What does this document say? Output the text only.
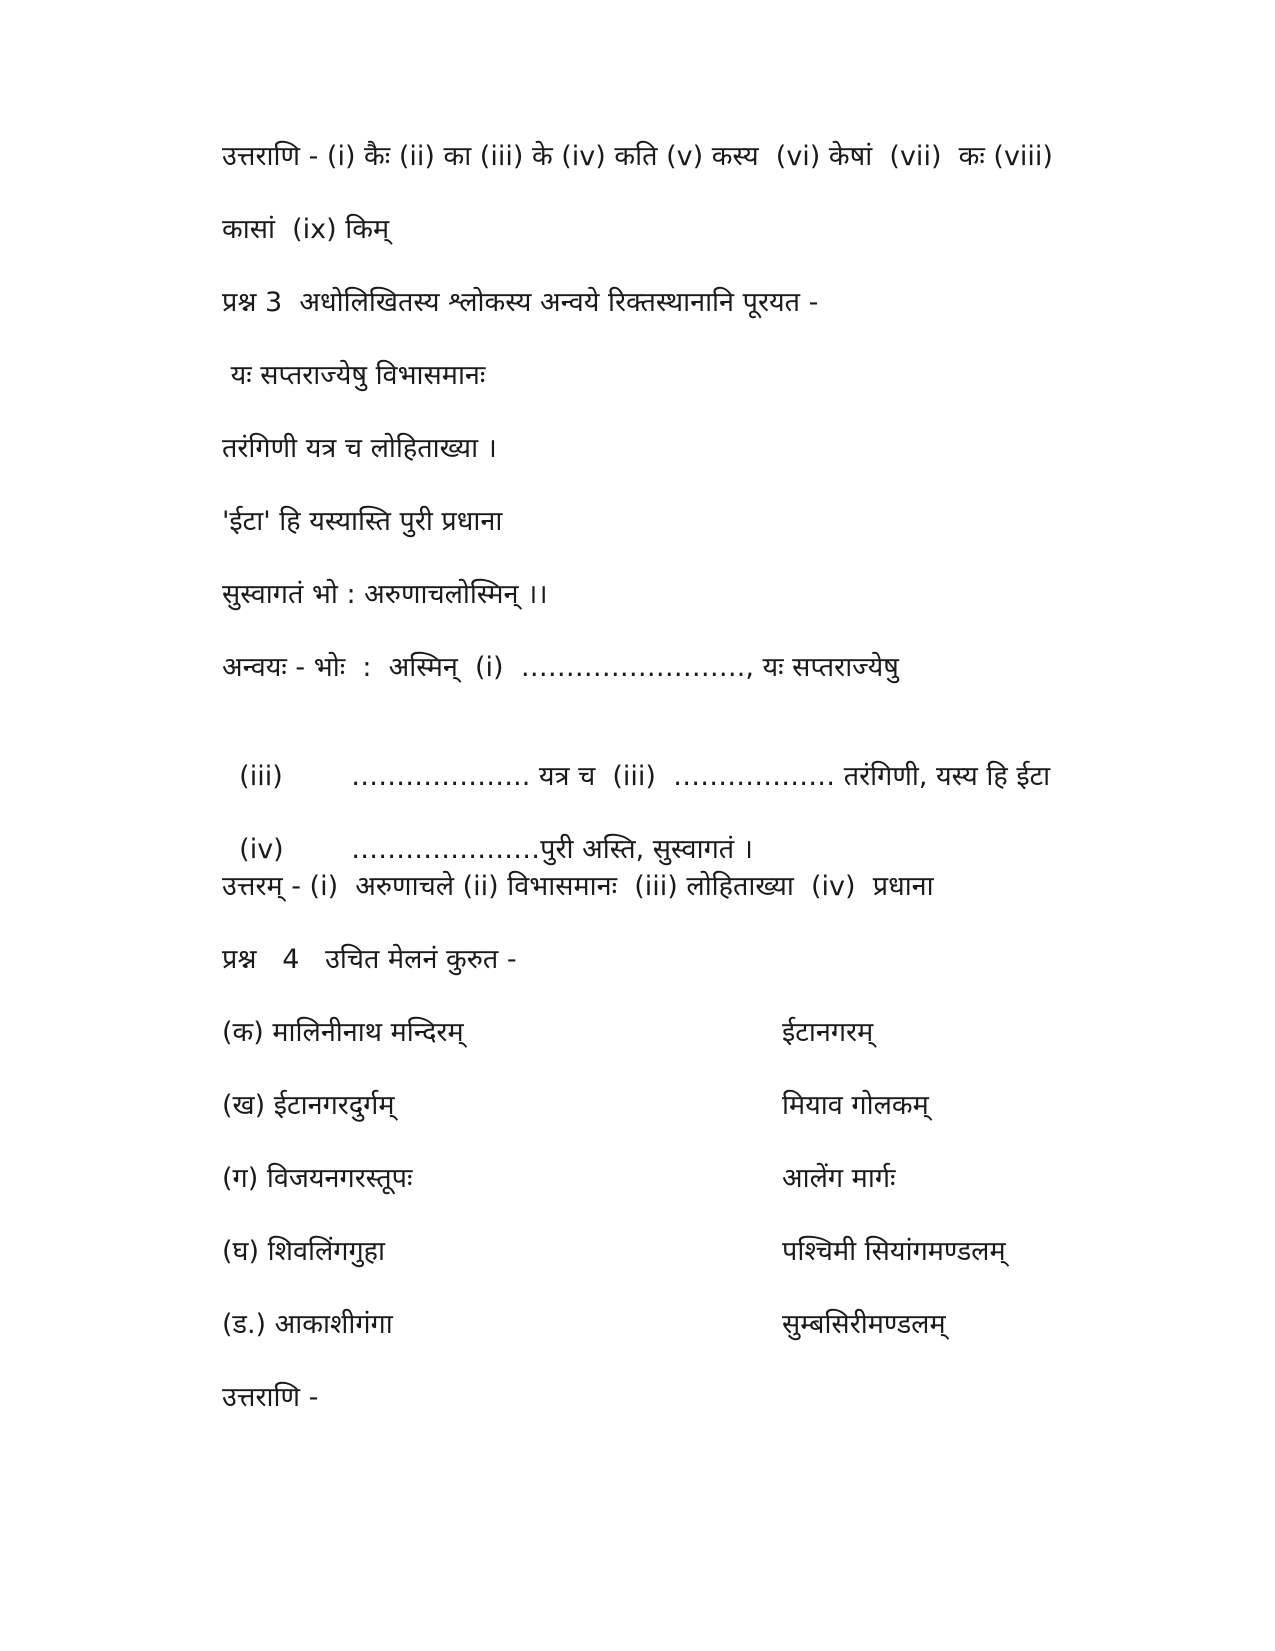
उत्तराणि - (i) कैः (ii) का (iii) के (iv) कति (v) कस्य  (vi) केषां  (vii)  कः (viii)
कासां  (ix) किम्
प्रश्न 3  अधोलिखितस्य श्लोकस्य अन्वये रिक्तस्थानानि पूरयत -
यः सप्तराज्येषु विभासमानः
तरंगिणी यत्र च लोहिताख्या ।
'ईटा' हि यस्यास्ति पुरी प्रधाना
सुस्वागतं भो : अरुणाचलोस्मिन् ।।
अन्वयः - भोः  :  अस्मिन्  (i)  ……………………., यः सप्तराज्येषु

(iii)	……………….. यत्र च  (iii)  ……………… तरंगिणी, यस्य हि ईटा

(iv) …………………पुरी अस्ति, सुस्वागतं ।

उत्तरम् - (i)  अरुणाचले (ii) विभासमानः  (iii) लोहिताख्या  (iv)  प्रधाना
प्रश्न   4   उचित मेलनं कुरुत -
(क) मालिनीनाथ मन्दिरम्	ईटानगरम्
(ख) ईटानगरदुर्गम्	मियाव गोलकम्
(ग) विजयनगरस्तूपः	आलेंग मार्गः
(घ) शिवलिंगगुहा	पश्चिमी सियांगमण्डलम्
(ड.) आकाशीगंगा	सुम्बसिरीमण्डलम्
उत्तराणि -
